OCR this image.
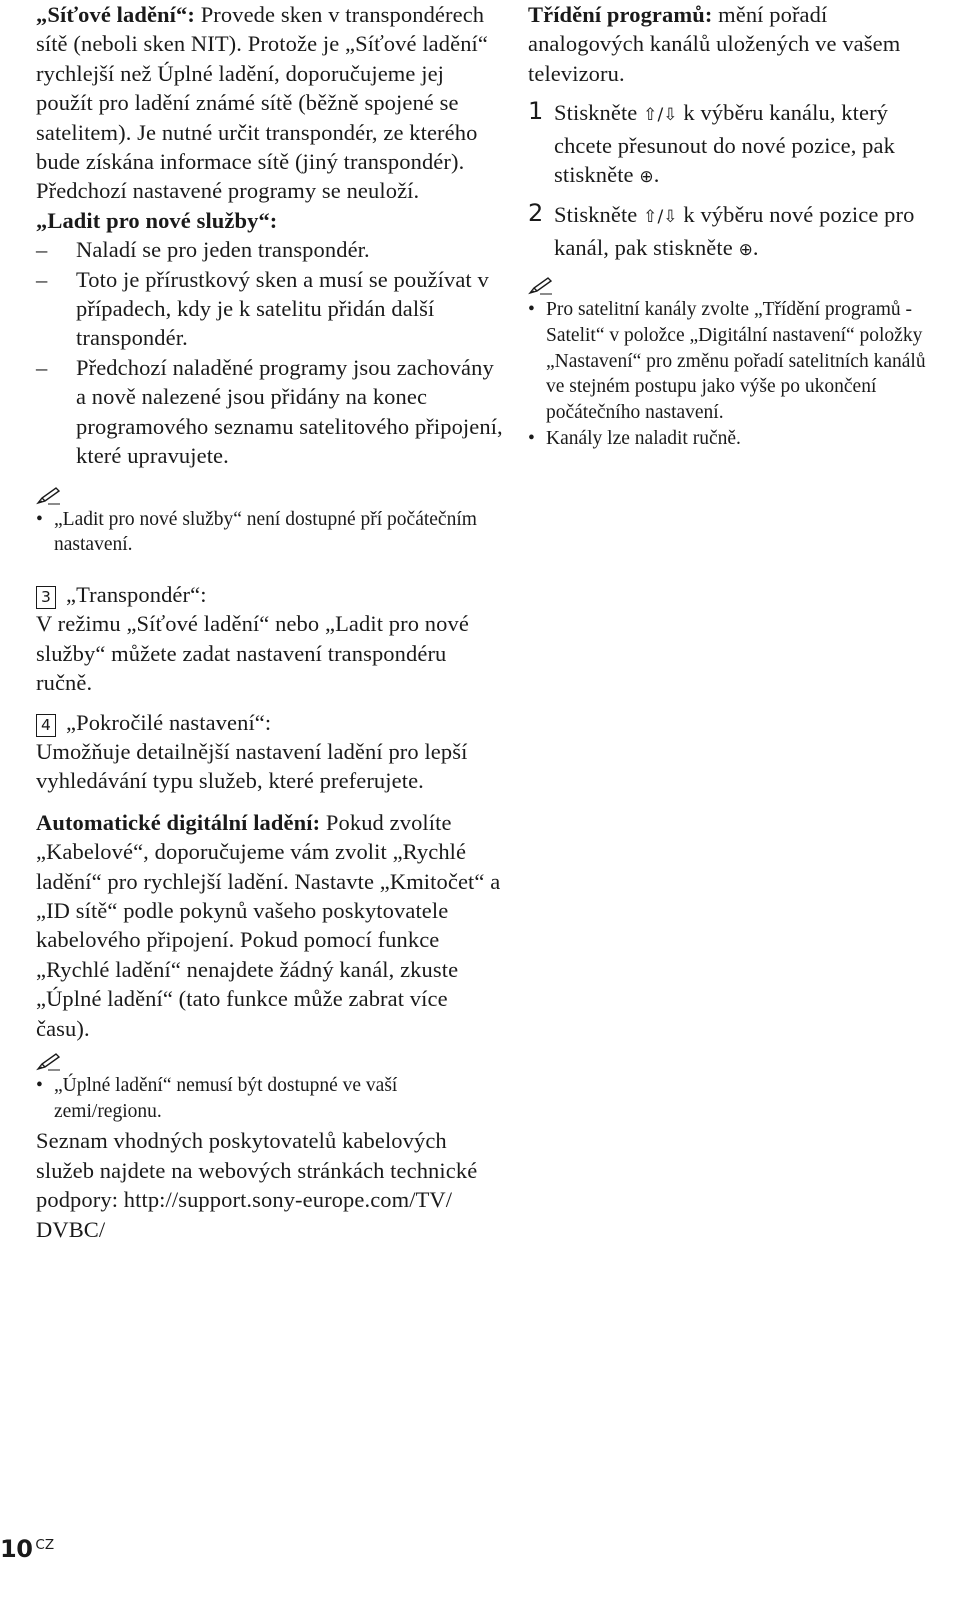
„Síťové ladění“: Provede sken v transpondérech sítě (neboli sken NIT). Protože je „Síťové ladění“ rychlejší než Úplné ladění, doporučujeme jej použít pro ladění známé sítě (běžně spojené se satelitem). Je nutné určit transpondér, ze kterého bude získána informace sítě (jiný transpondér). Předchozí nastavené programy se neuloží.

„Ladit pro nové služby“:

– Naladí se pro jeden transpondér.
– Toto je přírustkový sken a musí se používat v případech, kdy je k satelitu přidán další transpondér.
– Předchozí naladěné programy jsou zachovány a nově nalezené jsou přidány na konec programového seznamu satelitového připojení, které upravujete.
• „Ladit pro nové služby“ není dostupné pří počátečním nastavení.

3 „Transpondér“:

V režimu „Síťové ladění“ nebo „Ladit pro nové služby“ můžete zadat nastavení transpondéru ručně.

4 „Pokročilé nastavení“:

Umožňuje detailnější nastavení ladění pro lepší vyhledávání typu služeb, které preferujete.

Automatické digitální ladění: Pokud zvolíte „Kabelové“, doporučujeme vám zvolit „Rychlé ladění“ pro rychlejší ladění. Nastavte „Kmitočet“ a „ID sítě“ podle pokynů vašeho poskytovatele kabelového připojení. Pokud pomocí funkce „Rychlé ladění“ nenajdete žádný kanál, zkuste „Úplné ladění“ (tato funkce může zabrat více času).

• „Úplné ladění“ nemusí být dostupné ve vaší zemi/regionu.

Seznam vhodných poskytovatelů kabelových služeb najdete na webových stránkách technické podpory: http://support.sony-europe.com/TV/ DVBC/

Třídění programů: mění pořadí analogových kanálů uložených ve vašem televizoru.

1 Stiskněte ⇧/⇩ k výběru kanálu, který chcete přesunout do nové pozice, pak stiskněte ⊕.
2 Stiskněte ⇧/⇩ k výběru nové pozice pro kanál, pak stiskněte ⊕.
• Pro satelitní kanály zvolte „Třídění programů - Satelit“ v položce „Digitální nastavení“ položky „Nastavení“ pro změnu pořadí satelitních kanálů ve stejném postupu jako výše po ukončení počátečního nastavení.
• Kanály lze naladit ručně.
10 $^{CZ}$
